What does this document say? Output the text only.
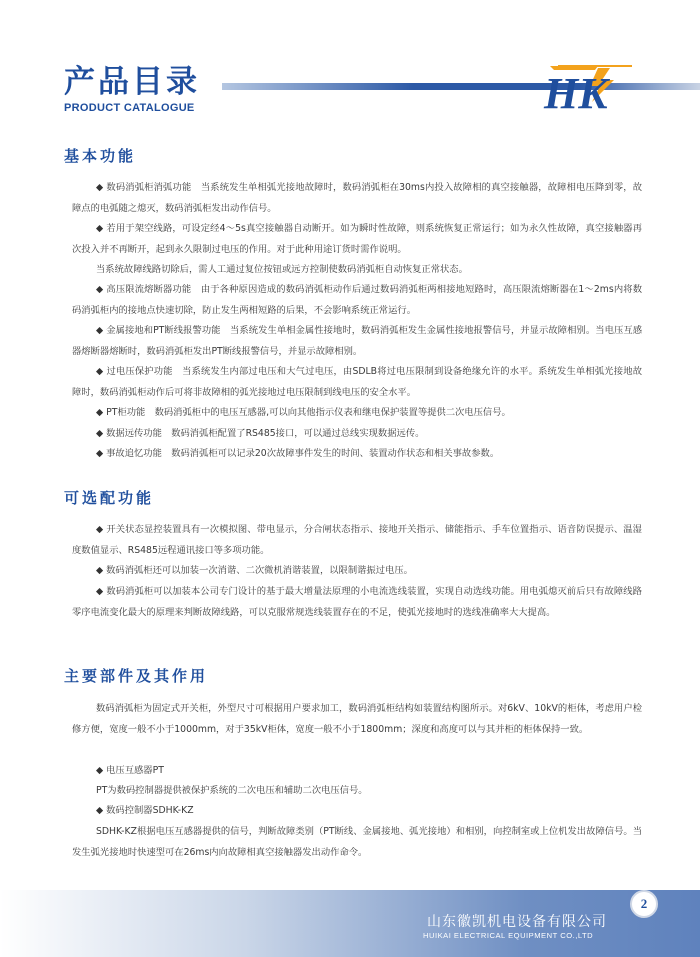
产品目录
PRODUCT CATALOGUE	HK
基本功能

◆ 数码消弧柜消弧功能　当系统发生单相弧光接地故障时，数码消弧柜在30ms内投入故障相的真空接触器，故障相电压降到零，故障点的电弧随之熄灭，数码消弧柜发出动作信号。

◆ 若用于架空线路，可设定经4～5s真空接触器自动断开。如为瞬时性故障，则系统恢复正常运行；如为永久性故障，真空接触器再次投入并不再断开，起到永久限制过电压的作用。对于此种用途订货时需作说明。

当系统故障线路切除后，需人工通过复位按钮或远方控制使数码消弧柜自动恢复正常状态。

◆ 高压限流熔断器功能　由于各种原因造成的数码消弧柜动作后通过数码消弧柜两相接地短路时，高压限流熔断器在1～2ms内将数码消弧柜内的接地点快速切除，防止发生两相短路的后果，不会影响系统正常运行。

◆ 金属接地和PT断线报警功能　当系统发生单相金属性接地时，数码消弧柜发生金属性接地报警信号，并显示故障相别。当电压互感器熔断器熔断时，数码消弧柜发出PT断线报警信号，并显示故障相别。

◆ 过电压保护功能　当系统发生内部过电压和大气过电压，由SDLB将过电压限制到设备绝缘允许的水平。系统发生单相弧光接地故障时，数码消弧柜动作后可将非故障相的弧光接地过电压限制到线电压的安全水平。

◆ PT柜功能　数码消弧柜中的电压互感器,可以向其他指示仪表和继电保护装置等提供二次电压信号。

◆ 数据远传功能　数码消弧柜配置了RS485接口，可以通过总线实现数据远传。

◆ 事故追忆功能　数码消弧柜可以记录20次故障事件发生的时间、装置动作状态和相关事故参数。

可选配功能

◆ 开关状态显控装置具有一次模拟图、带电显示，分合闸状态指示、接地开关指示、储能指示、手车位置指示、语音防误提示、温湿度数值显示、RS485远程通讯接口等多项功能。

◆ 数码消弧柜还可以加装一次消谐、二次微机消谐装置，以限制谐振过电压。

◆ 数码消弧柜可以加装本公司专门设计的基于最大增量法原理的小电流选线装置，实现自动选线功能。用电弧熄灭前后只有故障线路零序电流变化最大的原理来判断故障线路，可以克服常规选线装置存在的不足，使弧光接地时的选线准确率大大提高。

主要部件及其作用

数码消弧柜为固定式开关柜，外型尺寸可根据用户要求加工，数码消弧柜结构如装置结构图所示。对6kV、10kV的柜体，考虑用户检修方便，宽度一般不小于1000mm，对于35kV柜体，宽度一般不小于1800mm；深度和高度可以与其并柜的柜体保持一致。

◆ 电压互感器PT

PT为数码控制器提供被保护系统的二次电压和辅助二次电压信号。

◆ 数码控制器SDHK-KZ

SDHK-KZ根据电压互感器提供的信号，判断故障类别（PT断线、金属接地、弧光接地）和相别，向控制室或上位机发出故障信号。当发生弧光接地时快速型可在26ms内向故障相真空接触器发出动作命令。

山东徽凯机电设备有限公司
HUIKAI ELECTRICAL EQUIPMENT CO.,LTD
2
